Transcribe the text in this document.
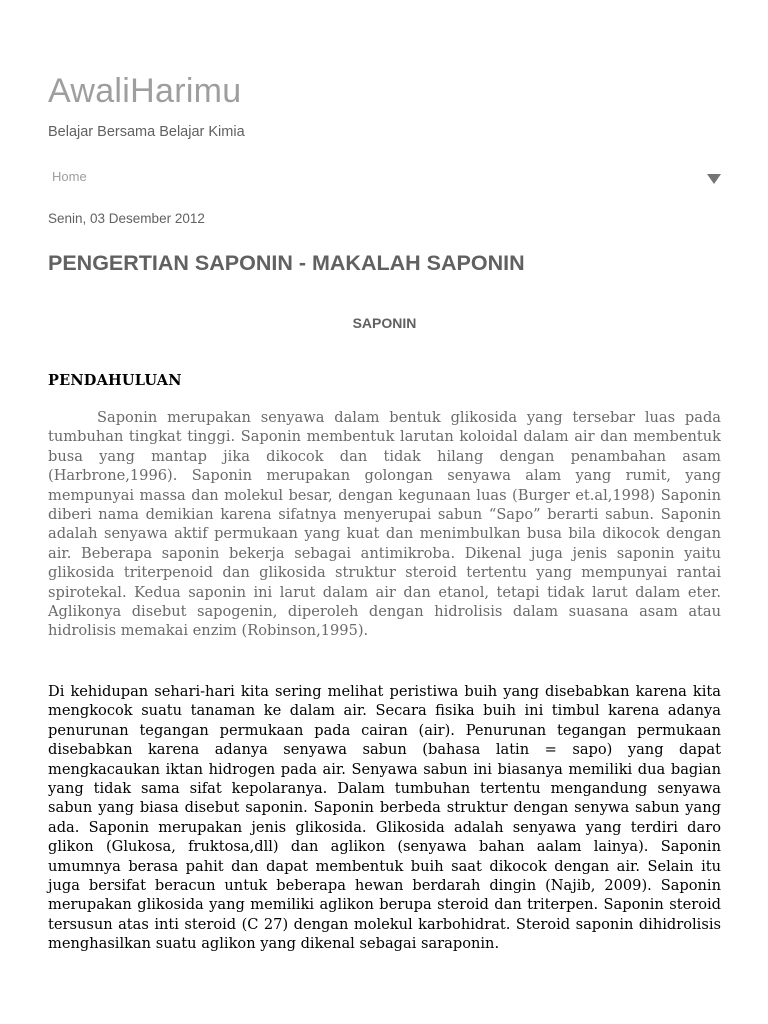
AwaliHarimu
Belajar Bersama Belajar Kimia
Home
Senin, 03 Desember 2012
PENGERTIAN SAPONIN - MAKALAH SAPONIN
SAPONIN
PENDAHULUAN

Saponin merupakan senyawa dalam bentuk glikosida yang tersebar luas pada tumbuhan tingkat tinggi. Saponin membentuk larutan koloidal dalam air dan membentuk busa yang mantap jika dikocok dan tidak hilang dengan penambahan asam (Harbrone,1996). Saponin merupakan golongan senyawa alam yang rumit, yang mempunyai massa dan molekul besar, dengan kegunaan luas (Burger et.al,1998) Saponin diberi nama demikian karena sifatnya menyerupai sabun “Sapo” berarti sabun. Saponin adalah senyawa aktif permukaan yang kuat dan menimbulkan busa bila dikocok dengan air. Beberapa saponin bekerja sebagai antimikroba. Dikenal juga jenis saponin yaitu glikosida triterpenoid dan glikosida struktur steroid tertentu yang mempunyai rantai spirotekal. Kedua saponin ini larut dalam air dan etanol, tetapi tidak larut dalam eter. Aglikonya disebut sapogenin, diperoleh dengan hidrolisis dalam suasana asam atau hidrolisis memakai enzim (Robinson,1995).

Di kehidupan sehari-hari kita sering melihat peristiwa buih yang disebabkan karena kita mengkocok suatu tanaman ke dalam air. Secara fisika buih ini timbul karena adanya penurunan tegangan permukaan pada cairan (air). Penurunan tegangan permukaan disebabkan karena adanya senyawa sabun (bahasa latin = sapo) yang dapat mengkacaukan iktan hidrogen pada air. Senyawa sabun ini biasanya memiliki dua bagian yang tidak sama sifat kepolaranya. Dalam tumbuhan tertentu mengandung senyawa sabun yang biasa disebut saponin. Saponin berbeda struktur dengan senywa sabun yang ada. Saponin merupakan jenis glikosida. Glikosida adalah senyawa yang terdiri daro glikon (Glukosa, fruktosa,dll) dan aglikon (senyawa bahan aalam lainya). Saponin umumnya berasa pahit dan dapat membentuk buih saat dikocok dengan air. Selain itu juga bersifat beracun untuk beberapa hewan berdarah dingin (Najib, 2009). Saponin merupakan glikosida yang memiliki aglikon berupa steroid dan triterpen. Saponin steroid tersusun atas inti steroid (C 27) dengan molekul karbohidrat. Steroid saponin dihidrolisis menghasilkan suatu aglikon yang dikenal sebagai saraponin.
